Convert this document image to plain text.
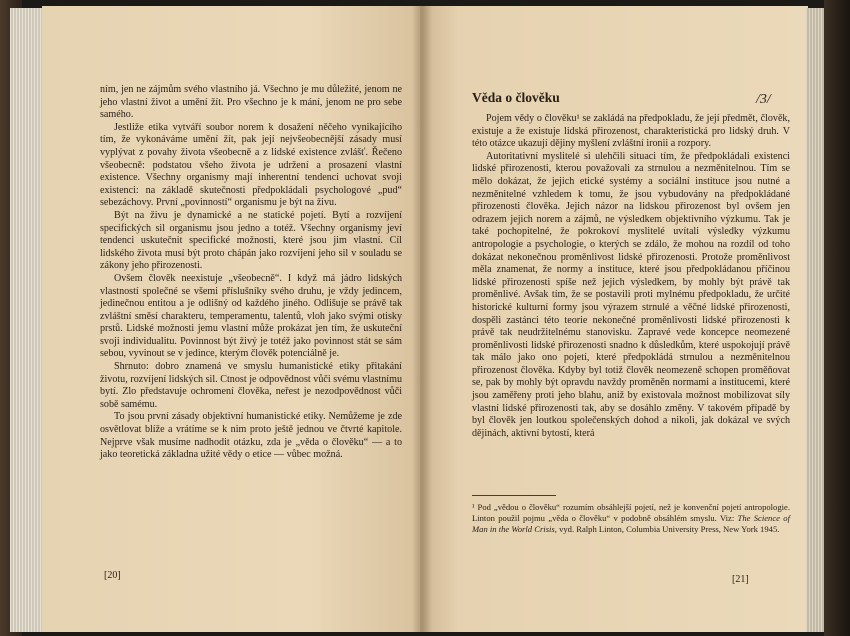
ním, jen ne zájmům svého vlastního já. Všechno je mu důležité, jenom ne jeho vlastní život a umění žít. Pro všechno je k mání, jenom ne pro sebe samého.

Jestliže etika vytváří soubor norem k dosažení něčeho vynikajícího tím, že vykonáváme umění žít, pak její nejvšeobecnější zásady musí vyplývat z povahy života všeobecně a z lidské existence zvlášť. Řečeno všeobecně: podstatou všeho života je udržení a prosazení vlastní existence. Všechny organismy mají inherentní tendenci uchovat svoji existenci: na základě skutečnosti předpokládali psychologové „pud“ sebezáchovy. První „povinností“ organismu je být na živu.

Být na živu je dynamické a ne statické pojetí. Bytí a rozvíjení specifických sil organismu jsou jedno a totéž. Všechny organismy jeví tendenci uskutečnit specifické možnosti, které jsou jim vlastní. Cíl lidského života musí být proto chápán jako rozvíjení jeho sil v souladu se zákony jeho přirozenosti.

Ovšem člověk neexistuje „všeobecně“. I když má jádro lidských vlastností společné se všemi příslušníky svého druhu, je vždy jedincem, jedinečnou entitou a je odlišný od každého jiného. Odlišuje se právě tak zvláštní směsí charakteru, temperamentu, talentů, vloh jako svými otisky prstů. Lidské možnosti jemu vlastní může prokázat jen tím, že uskuteční svoji individualitu. Povinnost být živý je totéž jako povinnost stát se sám sebou, vyvinout se v jedince, kterým člověk potenciálně je.

Shrnuto: dobro znamená ve smyslu humanistické etiky přitakání životu, rozvíjení lidských sil. Ctnost je odpovědnost vůči svému vlastnímu bytí. Zlo představuje ochromení člověka, neřest je nezodpovědnost vůči sobě samému.

To jsou první zásady objektivní humanistické etiky. Nemůžeme je zde osvětlovat blíže a vrátíme se k nim proto ještě jednou ve čtvrté kapitole. Nejprve však musíme nadhodit otázku, zda je „věda o člověku“ — a to jako teoretická základna užité vědy o etice — vůbec možná.

[20]
Věda o člověku	/3/

Pojem vědy o člověku¹ se zakládá na předpokladu, že její předmět, člověk, existuje a že existuje lidská přirozenost, charakteristická pro lidský druh. V této otázce ukazují dějiny myšlení zvláštní ironii a rozpory.

Autoritativní myslitelé si ulehčili situaci tím, že předpokládali existenci lidské přirozenosti, kterou považovali za strnulou a nezměnitelnou. Tím se mělo dokázat, že jejich etické systémy a sociální instituce jsou nutné a nezměnitelné vzhledem k tomu, že jsou vybudovány na předpokládané přirozenosti člověka. Jejich názor na lidskou přirozenost byl ovšem jen odrazem jejich norem a zájmů, ne výsledkem objektivního výzkumu. Tak je také pochopitelné, že pokrokoví myslitelé uvítali výsledky výzkumu antropologie a psychologie, o kterých se zdálo, že mohou na rozdíl od toho dokázat nekonečnou proměnlivost lidské přirozenosti. Protože proměnlivost měla znamenat, že normy a instituce, které jsou předpokládanou příčinou lidské přirozenosti spíše než jejich výsledkem, by mohly být právě tak proměnlivé. Avšak tím, že se postavili proti mylnému předpokladu, že určité historické kulturní formy jsou výrazem strnulé a věčné lidské přirozenosti, dospěli zastánci této teorie nekonečné proměnlivosti lidské přirozenosti k právě tak neudržitelnému stanovisku. Zapravé vede koncepce neomezené proměnlivosti lidské přirozenosti snadno k důsledkům, které uspokojují právě tak málo jako ono pojetí, které předpokládá strnulou a nezměnitelnou přirozenost člověka. Kdyby byl totiž člověk neomezeně schopen proměňovat se, pak by mohly být opravdu navždy proměněn normami a institucemi, které jsou zaměřeny proti jeho blahu, aniž by existovala možnost mobilizovat síly vlastní lidské přirozenosti tak, aby se dosáhlo změny. V takovém případě by byl člověk jen loutkou společenských dohod a nikoli, jak dokázal ve svých dějinách, aktivní bytostí, která

¹ Pod „vědou o člověku“ rozumím obsáhlejší pojetí, než je konvenční pojetí antropologie. Linton použil pojmu „věda o člověku“ v podobně obsáhlém smyslu. Viz: The Science of Man in the World Crisis, vyd. Ralph Linton, Columbia University Press, New York 1945.
[21]
